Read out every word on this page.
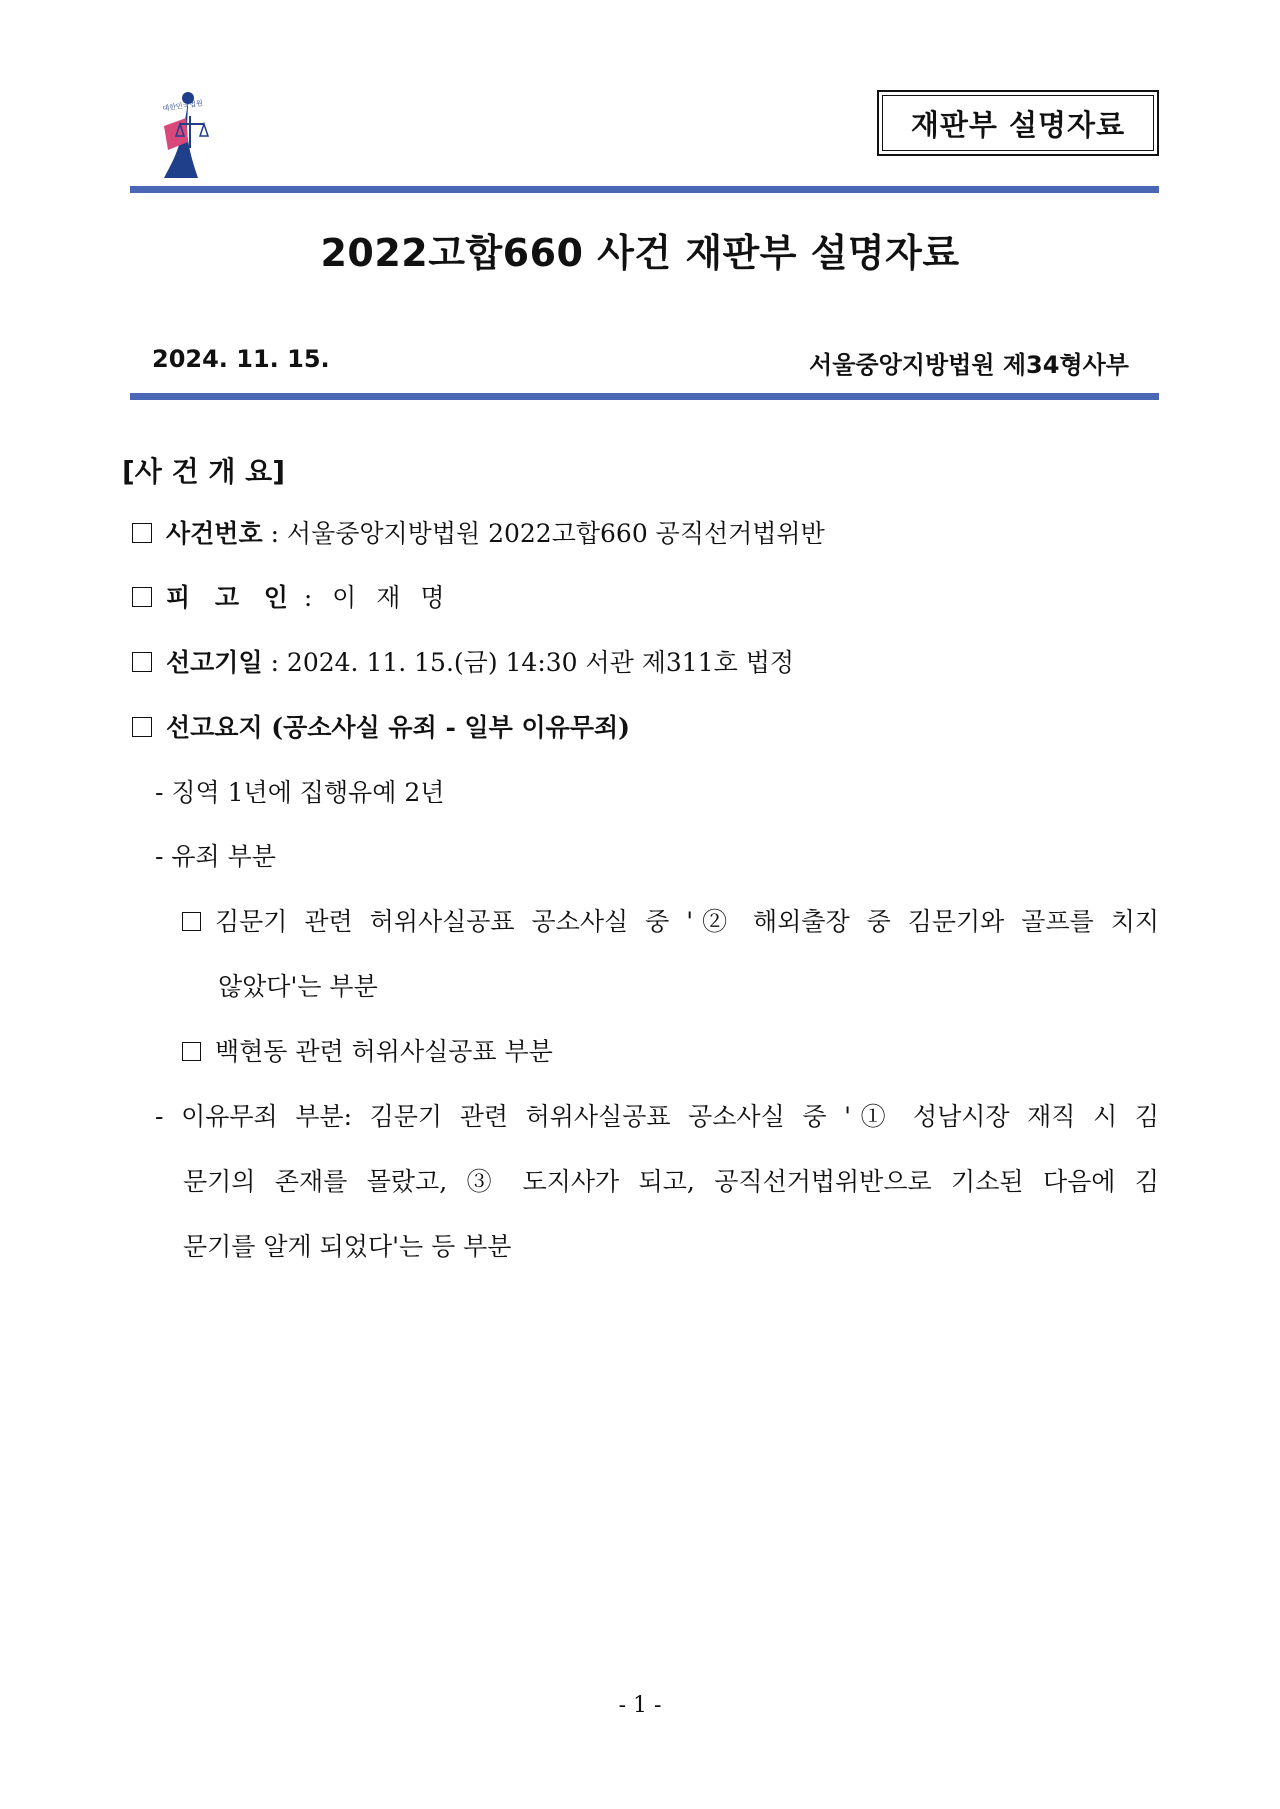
대한민국법원
재판부 설명자료
2022고합660 사건 재판부 설명자료
2024. 11. 15.	서울중앙지방법원 제34형사부
[사 건 개 요]
사건번호 : 서울중앙지방법원 2022고합660 공직선거법위반
피 고 인 : 이 재 명
선고기일 : 2024. 11. 15.(금) 14:30 서관 제311호 법정
선고요지 (공소사실 유죄 - 일부 이유무죄)
- 징역 1년에 집행유예 2년
- 유죄 부분
김문기 관련 허위사실공표 공소사실 중 '② 해외출장 중 김문기와 골프를 치지
않았다'는 부분
백현동 관련 허위사실공표 부분
- 이유무죄 부분: 김문기 관련 허위사실공표 공소사실 중 '① 성남시장 재직 시 김
문기의 존재를 몰랐고, ③ 도지사가 되고, 공직선거법위반으로 기소된 다음에 김
문기를 알게 되었다'는 등 부분
- 1 -
